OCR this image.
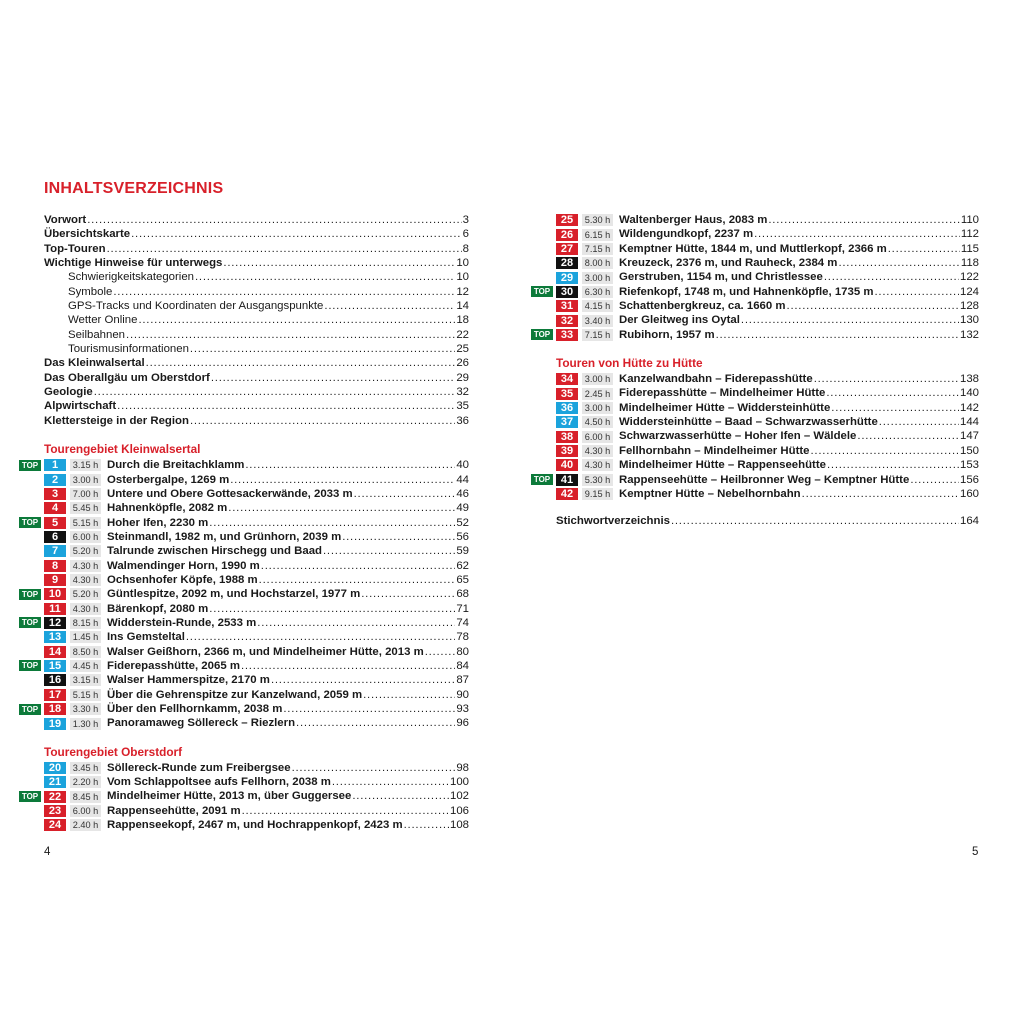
INHALTSVERZEICHNIS
Vorwort . . .	3
Übersichtskarte . . .	6
Top-Touren . . .	8
Wichtige Hinweise für unterwegs . . .	10
Schwierigkeitskategorien . . .	10
Symbole . . .	12
GPS-Tracks und Koordinaten der Ausgangspunkte . . .	14
Wetter Online . . .	18
Seilbahnen . . .	22
Tourismusinformationen . . .	25
Das Kleinwalsertal . . .	26
Das Oberallgäu um Oberstdorf . . .	29
Geologie . . .	32
Alpwirtschaft . . .	35
Klettersteige in der Region . . .	36
Tourengebiet Kleinwalsertal
TOP	1	3.15 h Durch die Breitachklamm . . .	40
2	3.00 h Osterbergalpe, 1269 m . . .	44
3	7.00 h Untere und Obere Gottesackerwände, 2033 m . . .	46
4	5.45 h Hahnenköpfle, 2082 m . . .	49
TOP	5	5.15 h Hoher Ifen, 2230 m . . .	52
6	6.00 h Steinmandl, 1982 m, und Grünhorn, 2039 m . . .	56
7	5.20 h Talrunde zwischen Hirschegg und Baad . . .	59
8	4.30 h Walmendinger Horn, 1990 m . . .	62
9	4.30 h Ochsenhofer Köpfe, 1988 m . . .	65
TOP 10	5.20 h Güntlespitze, 2092 m, und Hochstarzel, 1977 m . . .	68
11	4.30 h Bärenkopf, 2080 m . . .	71
TOP 12	8.15 h Widderstein-Runde, 2533 m . . .	74
13	1.45 h Ins Gemsteltal . . .	78
14	8.50 h Walser Geißhorn, 2366 m, und Mindelheimer Hütte, 2013 m . . .	80
TOP 15	4.45 h Fiderepasshütte, 2065 m . . .	84
16	3.15 h Walser Hammerspitze, 2170 m . . .	87
17	5.15 h Über die Gehrenspitze zur Kanzelwand, 2059 m . . .	90
TOP 18	3.30 h Über den Fellhornkamm, 2038 m . . .	93
19	1.30 h Panoramaweg Söllereck – Riezlern . . .	96
Tourengebiet Oberstdorf
20	3.45 h Söllereck-Runde zum Freibergsee . . .	98
21	2.20 h Vom Schlappoltsee aufs Fellhorn, 2038 m . . .	100
TOP 22	8.45 h Mindelheimer Hütte, 2013 m, über Guggersee . . .	102
23	6.00 h Rappenseehütte, 2091 m . . .	106
24	2.40 h Rappenseekopf, 2467 m, und Hochrappenkopf, 2423 m . . .	108
25	5.30 h Waltenberger Haus, 2083 m . . .	110
26	6.15 h Wildengundkopf, 2237 m . . .	112
27	7.15 h Kemptner Hütte, 1844 m, und Muttlerkopf, 2366 m . . .	115
28	8.00 h Kreuzeck, 2376 m, und Rauheck, 2384 m . . .	118
29	3.00 h Gerstruben, 1154 m, und Christlessee . . .	122
TOP 30	6.30 h Riefenkopf, 1748 m, und Hahnenköpfle, 1735 m . . .	124
31	4.15 h Schattenbergkreuz, ca. 1660 m . . .	128
32	3.40 h Der Gleitweg ins Oytal . . .	130
TOP 33	7.15 h Rubihorn, 1957 m . . .	132
Touren von Hütte zu Hütte
34	3.00 h Kanzelwandbahn – Fiderepasshütte . . .	138
35	2.45 h Fiderepasshütte – Mindelheimer Hütte . . .	140
36	3.00 h Mindelheimer Hütte – Widdersteinhütte . . .	142
37	4.50 h Widdersteinhütte – Baad – Schwarzwasserhütte . . .	144
38	6.00 h Schwarzwasserhütte – Hoher Ifen – Wäldele . . .	147
39	4.30 h Fellhornbahn – Mindelheimer Hütte . . .	150
40	4.30 h Mindelheimer Hütte – Rappenseehütte . . .	153
TOP 41	5.30 h Rappenseehütte – Heilbronner Weg – Kemptner Hütte . . .	156
42	9.15 h Kemptner Hütte – Nebelhornbahn . . .	160
Stichwortverzeichnis . . .	164
4	5
